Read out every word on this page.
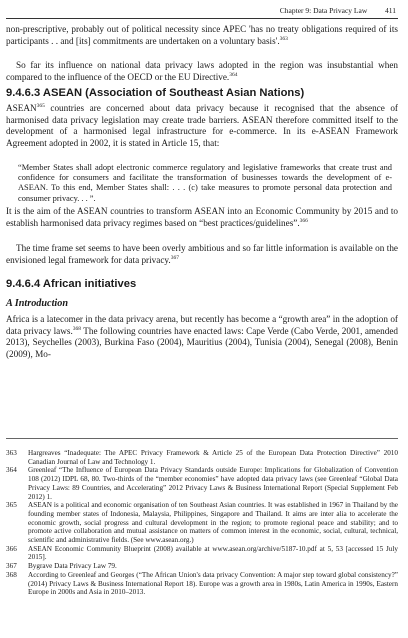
Chapter 9: Data Privacy Law 411

non-prescriptive, probably out of political necessity since APEC 'has no treaty obligations required of its participants . . and [its] commitments are undertaken on a voluntary basis'.$^{363}$

So far its influence on national data privacy laws adopted in the region was insubstantial when compared to the influence of the OECD or the EU Directive.$^{364}$

9.4.6.3 ASEAN (Association of Southeast Asian Nations)

ASEAN$^{365}$ countries are concerned about data privacy because it recognised that the absence of harmonised data privacy legislation may create trade barriers. ASEAN therefore committed itself to the development of a harmonised legal infrastructure for e-commerce. In its e-ASEAN Framework Agreement adopted in 2002, it is stated in Article 15, that:

“Member States shall adopt electronic commerce regulatory and legislative frameworks that create trust and confidence for consumers and facilitate the transformation of businesses towards the development of e-ASEAN. To this end, Member States shall: . . . (c) take measures to promote personal data protection and consumer privacy. . . ”.

It is the aim of the ASEAN countries to transform ASEAN into an Economic Community by 2015 and to establish harmonised data privacy regimes based on “best practices/guidelines”.$^{366}$

The time frame set seems to have been overly ambitious and so far little information is available on the envisioned legal framework for data privacy.$^{367}$

9.4.6.4 African initiatives
A Introduction

Africa is a latecomer in the data privacy arena, but recently has become a “growth area” in the adoption of data privacy laws.$^{368}$ The following countries have enacted laws: Cape Verde (Cabo Verde, 2001, amended 2013), Seychelles (2003), Burkina Faso (2004), Mauritius (2004), Tunisia (2004), Senegal (2008), Benin (2009), Mo-

363	Hargreaves “Inadequate: The APEC Privacy Framework & Article 25 of the European Data Protection Directive” 2010 Canadian Journal of Law and Technology 1.
364	Greenleaf “The Influence of European Data Privacy Standards outside Europe: Implications for Globalization of Convention 108 (2012) IDPL 68, 80. Two-thirds of the “member economies” have adopted data privacy laws (see Greenleaf “Global Data Privacy Laws: 89 Countries, and Accelerating” 2012 Privacy Laws & Business International Report (Special Supplement Feb 2012) 1.
365	ASEAN is a political and economic organisation of ten Southeast Asian countries. It was established in 1967 in Thailand by the founding member states of Indonesia, Malaysia, Philippines, Singapore and Thailand. It aims are inter alia to accelerate the economic growth, social progress and cultural development in the region; to promote regional peace and stability; and to promote active collaboration and mutual assistance on matters of common interest in the economic, social, cultural, technical, scientific and administrative fields. (See www.asean.org.)
366	ASEAN Economic Community Blueprint (2008) available at www.asean.org/archive/5187-10.pdf at 5, 53 [accessed 15 July 2015].
367	Bygrave Data Privacy Law 79.
368	According to Greenleaf and Georges (“The African Union's data privacy Convention: A major step toward global consistency?” (2014) Privacy Laws & Business International Report 18). Europe was a growth area in 1980s, Latin America in 1990s, Eastern Europe in 2000s and Asia in 2010–2013.
